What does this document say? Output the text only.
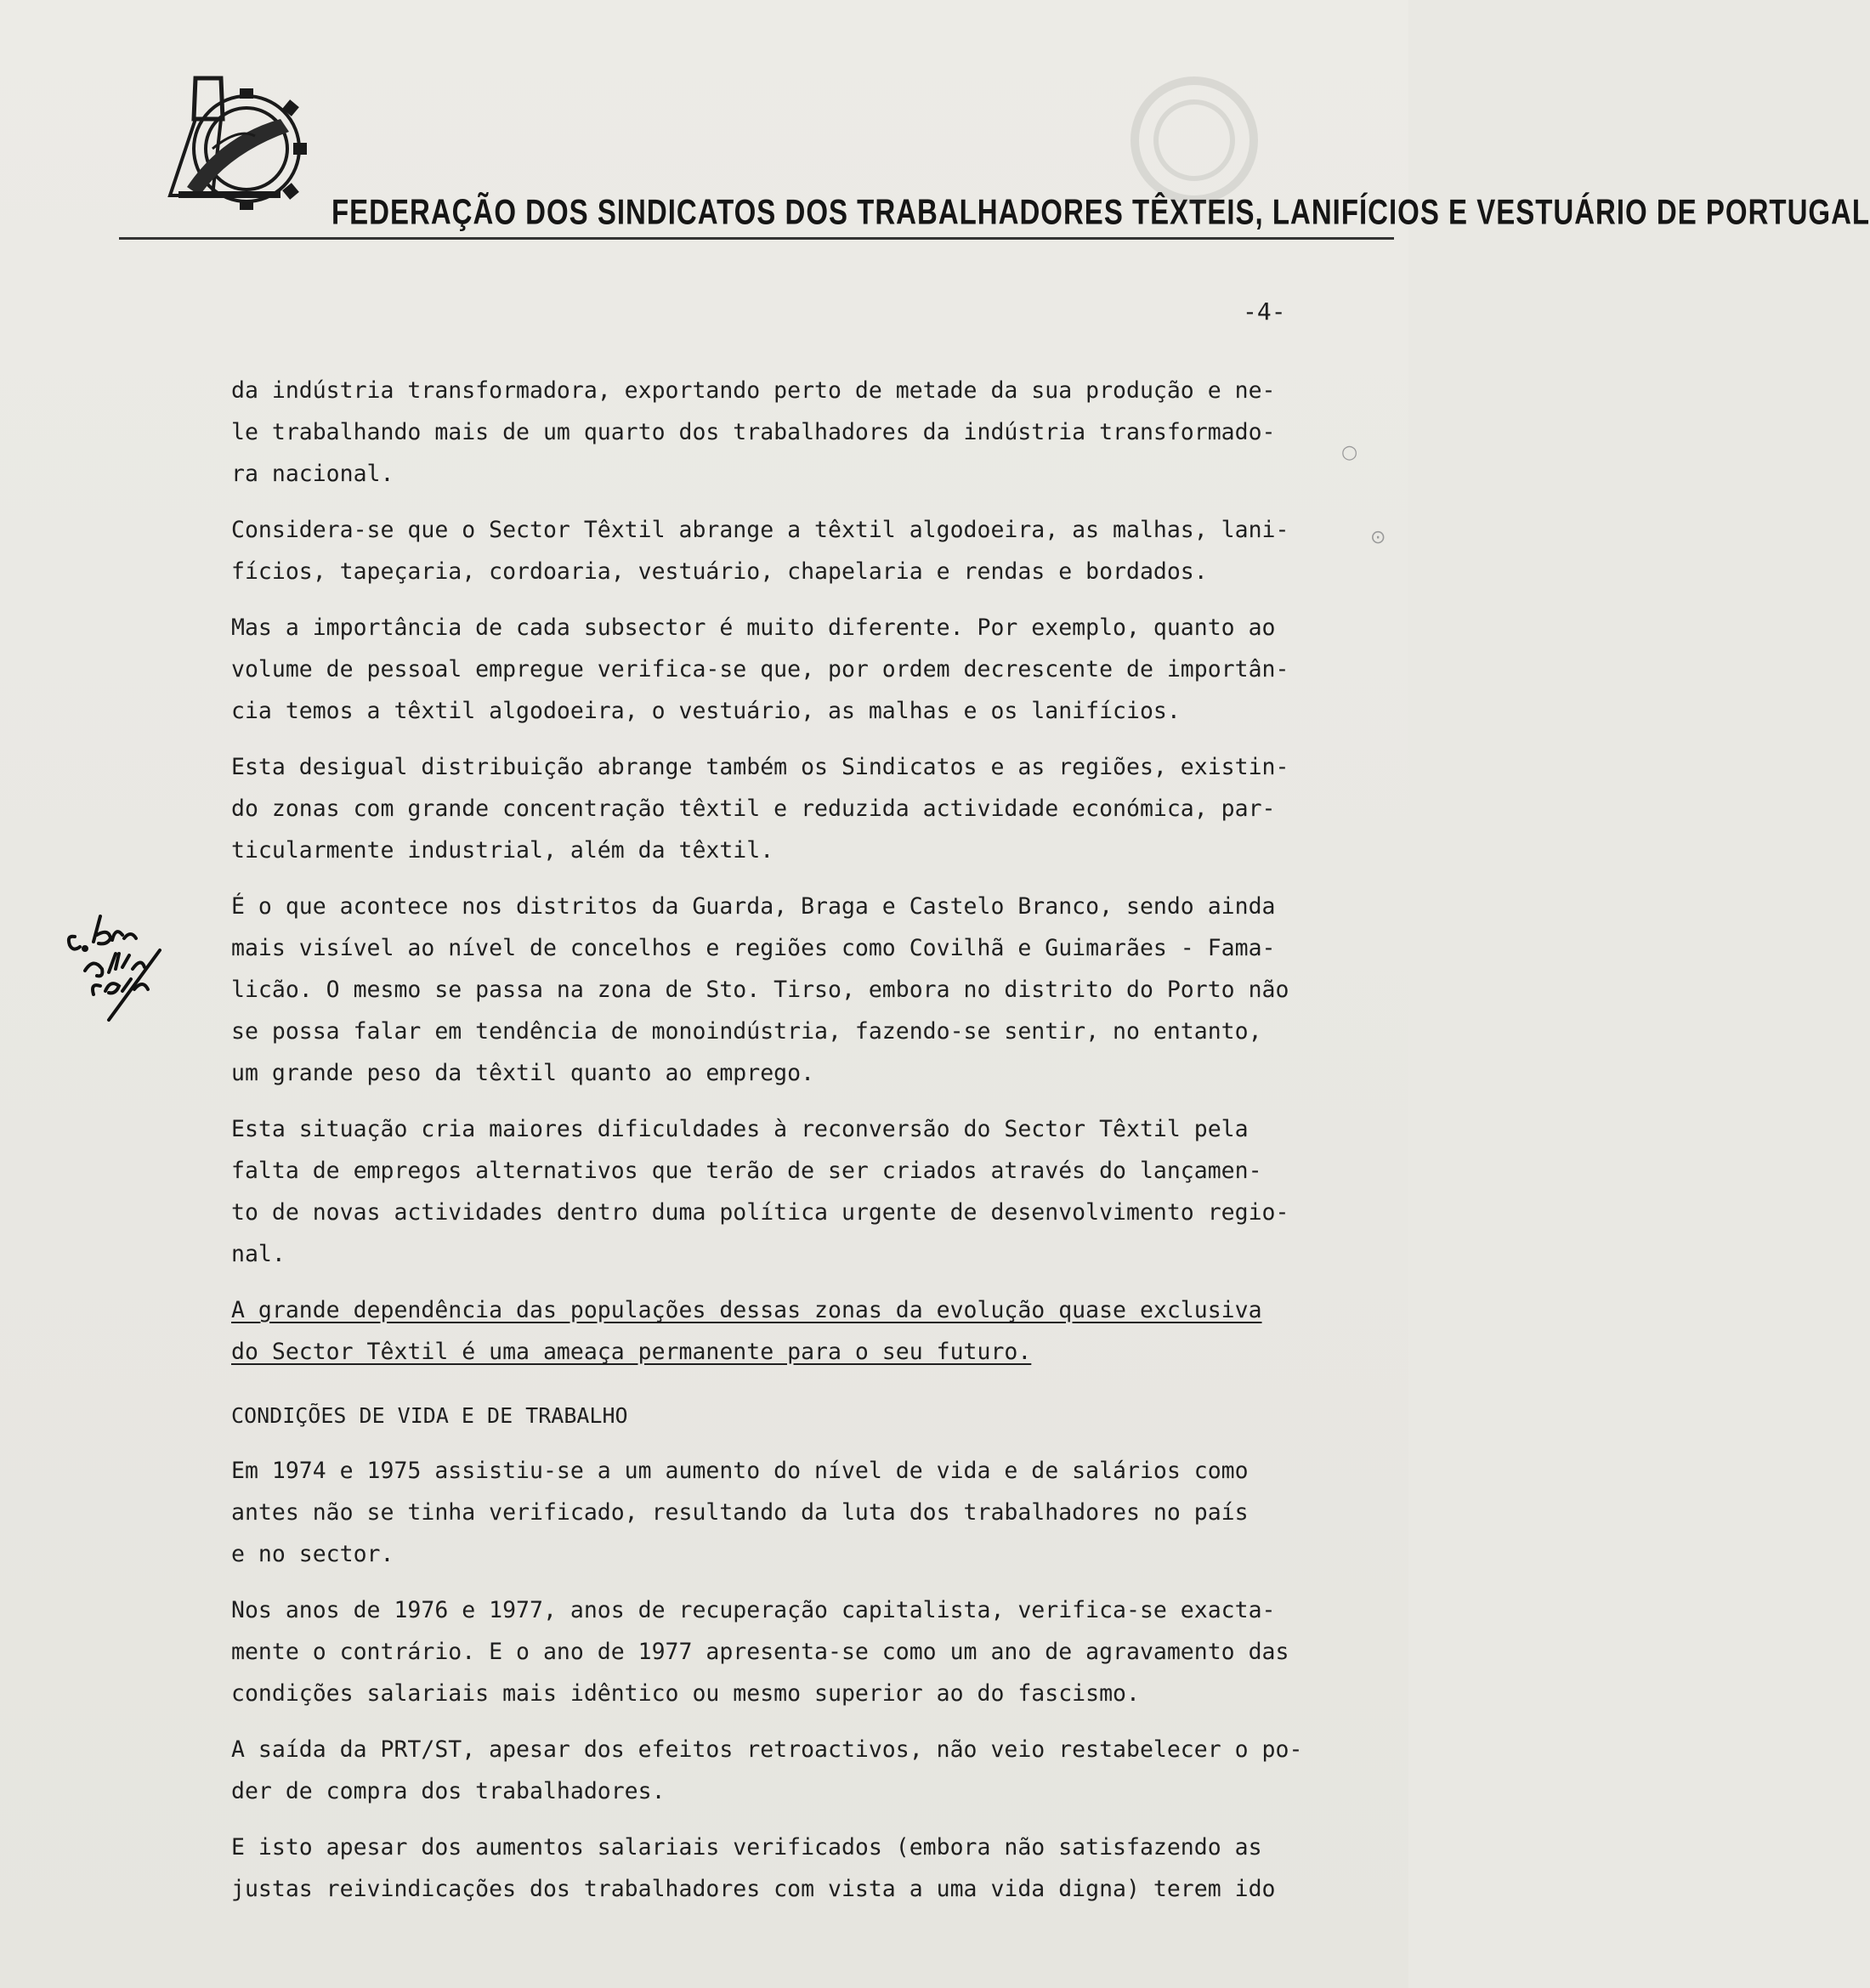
FEDERAÇÃO DOS SINDICATOS DOS TRABALHADORES TÊXTEIS, LANIFÍCIOS E VESTUÁRIO DE PORTUGAL
-4-
○
⊙
da indústria transformadora, exportando perto de metade da sua produção e ne-
le trabalhando mais de um quarto dos trabalhadores da indústria transformado-
ra nacional.
Considera-se que o Sector Têxtil abrange a têxtil algodoeira, as malhas, lani-
fícios, tapeçaria, cordoaria, vestuário, chapelaria e rendas e bordados.
Mas a importância de cada subsector é muito diferente. Por exemplo, quanto ao
volume de pessoal empregue verifica-se que, por ordem decrescente de importân-
cia temos a têxtil algodoeira, o vestuário, as malhas e os lanifícios.
Esta desigual distribuição abrange também os Sindicatos e as regiões, existin-
do zonas com grande concentração têxtil e reduzida actividade económica, par-
ticularmente industrial, além da têxtil.
É o que acontece nos distritos da Guarda, Braga e Castelo Branco, sendo ainda
mais visível ao nível de concelhos e regiões como Covilhã e Guimarães - Fama-
licão. O mesmo se passa na zona de Sto. Tirso, embora no distrito do Porto não
se possa falar em tendência de monoindústria, fazendo-se sentir, no entanto,
um grande peso da têxtil quanto ao emprego.
Esta situação cria maiores dificuldades à reconversão do Sector Têxtil pela
falta de empregos alternativos que terão de ser criados através do lançamen-
to de novas actividades dentro duma política urgente de desenvolvimento regio-
nal.
A grande dependência das populações dessas zonas da evolução quase exclusiva
do Sector Têxtil é uma ameaça permanente para o seu futuro.
CONDIÇÕES DE VIDA E DE TRABALHO
Em 1974 e 1975 assistiu-se a um aumento do nível de vida e de salários como
antes não se tinha verificado, resultando da luta dos trabalhadores no país
e no sector.
Nos anos de 1976 e 1977, anos de recuperação capitalista, verifica-se exacta-
mente o contrário. E o ano de 1977 apresenta-se como um ano de agravamento das
condições salariais mais idêntico ou mesmo superior ao do fascismo.
A saída da PRT/ST, apesar dos efeitos retroactivos, não veio restabelecer o po-
der de compra dos trabalhadores.
E isto apesar dos aumentos salariais verificados (embora não satisfazendo as
justas reivindicações dos trabalhadores com vista a uma vida digna) terem ido
